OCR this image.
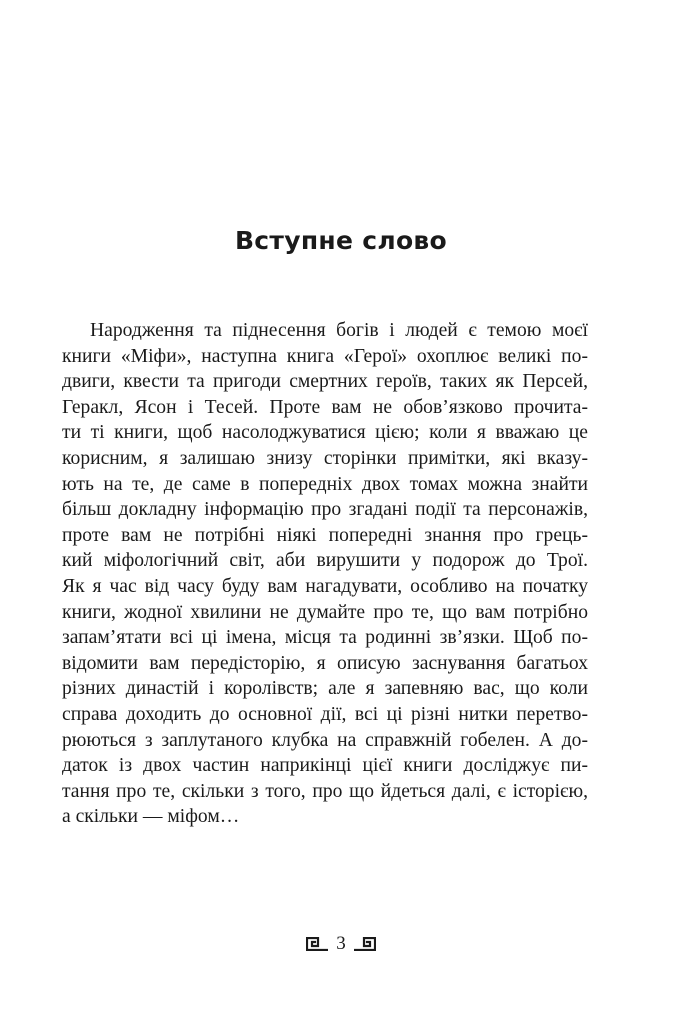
Вступне слово
Народження та піднесення богів і людей є темою моєї
книги «Міфи», наступна книга «Герої» охоплює великі по-
двиги, квести та пригоди смертних героїв, таких як Персей,
Геракл, Ясон і Тесей. Проте вам не обов’язково прочита-
ти ті книги, щоб насолоджуватися цією; коли я вважаю це
корисним, я залишаю знизу сторінки примітки, які вказу-
ють на те, де саме в попередніх двох томах можна знайти
більш докладну інформацію про згадані події та персонажів,
проте вам не потрібні ніякі попередні знання про грець-
кий міфологічний світ, аби вирушити у подорож до Трої.
Як я час від часу буду вам нагадувати, особливо на початку
книги, жодної хвилини не думайте про те, що вам потрібно
запам’ятати всі ці імена, місця та родинні зв’язки. Щоб по-
відомити вам передісторію, я описую заснування багатьох
різних династій і королівств; але я запевняю вас, що коли
справа доходить до основної дії, всі ці різні нитки перетво-
рюються з заплутаного клубка на справжній гобелен. А до-
даток із двох частин наприкінці цієї книги досліджує пи-
тання про те, скільки з того, про що йдеться далі, є історією,
а скільки — міфом…
3
